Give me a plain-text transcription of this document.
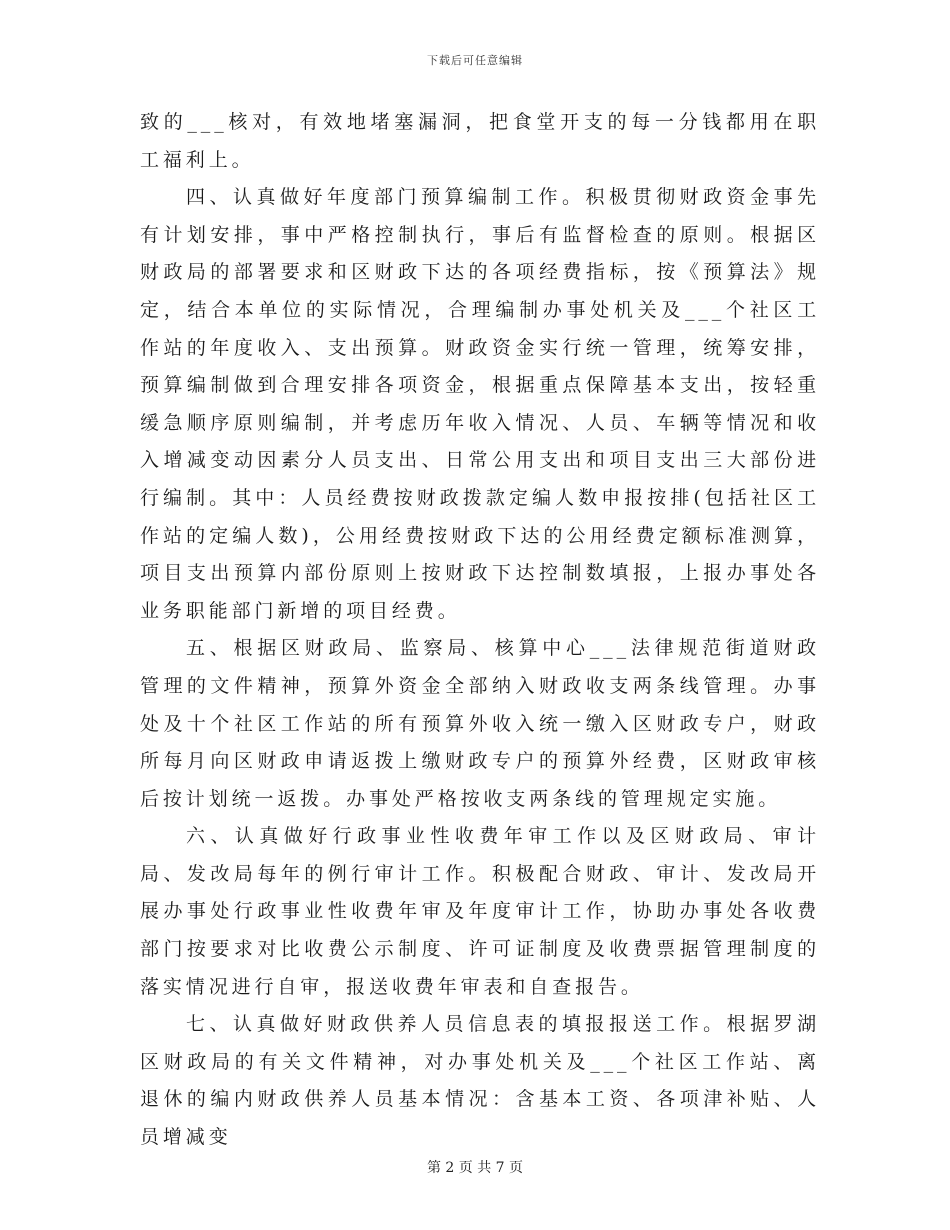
下载后可任意编辑

致的___核对，有效地堵塞漏洞，把食堂开支的每一分钱都用在职工福利上。

四、认真做好年度部门预算编制工作。积极贯彻财政资金事先有计划安排，事中严格控制执行，事后有监督检查的原则。根据区财政局的部署要求和区财政下达的各项经费指标，按《预算法》规定，结合本单位的实际情况，合理编制办事处机关及___个社区工作站的年度收入、支出预算。财政资金实行统一管理，统筹安排，预算编制做到合理安排各项资金，根据重点保障基本支出，按轻重缓急顺序原则编制，并考虑历年收入情况、人员、车辆等情况和收入增减变动因素分人员支出、日常公用支出和项目支出三大部份进行编制。其中：人员经费按财政拨款定编人数申报按排(包括社区工作站的定编人数)，公用经费按财政下达的公用经费定额标准测算，项目支出预算内部份原则上按财政下达控制数填报，上报办事处各业务职能部门新增的项目经费。

五、根据区财政局、监察局、核算中心___法律规范街道财政管理的文件精神，预算外资金全部纳入财政收支两条线管理。办事处及十个社区工作站的所有预算外收入统一缴入区财政专户，财政所每月向区财政申请返拨上缴财政专户的预算外经费，区财政审核后按计划统一返拨。办事处严格按收支两条线的管理规定实施。

六、认真做好行政事业性收费年审工作以及区财政局、审计局、发改局每年的例行审计工作。积极配合财政、审计、发改局开展办事处行政事业性收费年审及年度审计工作，协助办事处各收费部门按要求对比收费公示制度、许可证制度及收费票据管理制度的落实情况进行自审，报送收费年审表和自查报告。

七、认真做好财政供养人员信息表的填报报送工作。根据罗湖区财政局的有关文件精神，对办事处机关及___个社区工作站、离退休的编内财政供养人员基本情况：含基本工资、各项津补贴、人员增减变

第 2 页 共 7 页
